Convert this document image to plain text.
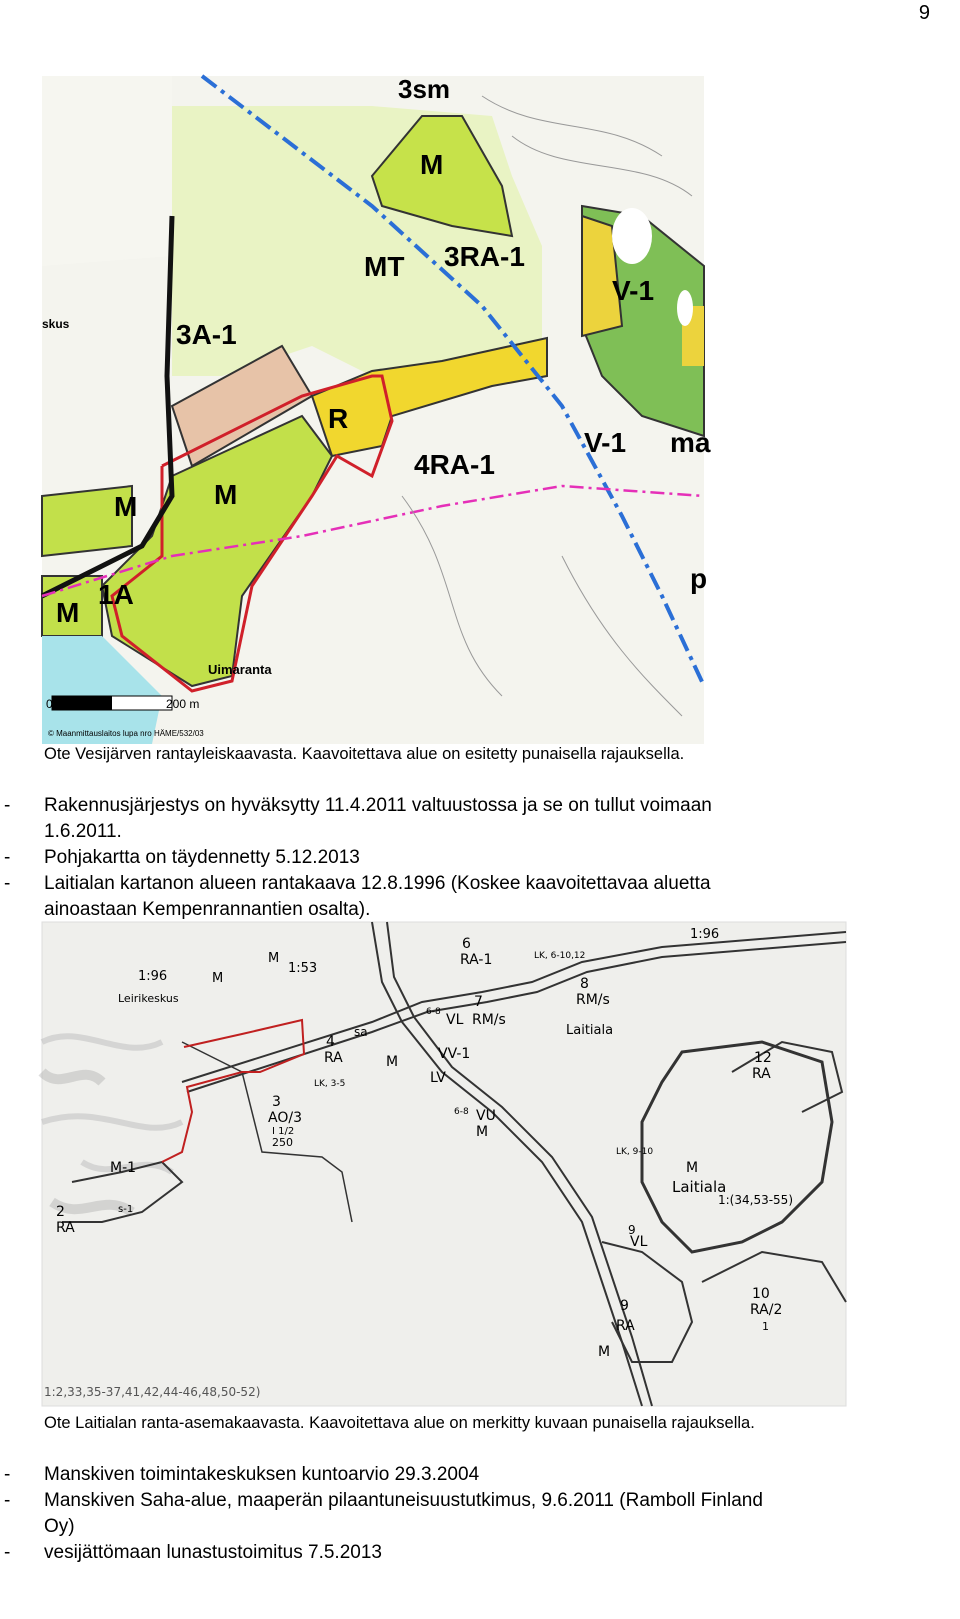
9
3sm
M
MT 3RA-1
V-1
3A-1
R
4RA-1
V-1 ma
M
M
M
1A
p
skus
Uimaranta
0	200 m
© Maanmittauslaitos lupa nro HÄME/532/03
Ote Vesijärven rantayleiskaavasta. Kaavoitettava alue on esitetty punaisella rajauksella.
-	Rakennusjärjestys on hyväksytty 11.4.2011 valtuustossa ja se on tullut voimaan
1.6.2011.
-	Pohjakartta on täydennetty 5.12.2013
-	Laitialan kartanon alueen rantakaava 12.8.1996 (Koskee kaavoitettavaa aluetta
ainoastaan Kempenrannantien osalta).
6
RA-1	LK, 6-10,12
8
RM/s
Laitiala
M
M
1:53
1:96
1:96
Leirikeskus	7
RM/s
VL
6-8
4
RA
sa
M	VV-1
LV
LK, 3-5
3
AO/3
I 1/2
250
VU
M
6-8
12
RA
LK, 9-10
M
Laitiala
1:(34,53-55)
M-1
s-1
2
RA	9
VL
9
RA
M
10
RA/2
1
1:2,33,35-37,41,42,44-46,48,50-52)
Ote Laitialan ranta-asemakaavasta. Kaavoitettava alue on merkitty kuvaan punaisella rajauksella.
-	Manskiven toimintakeskuksen kuntoarvio 29.3.2004
-	Manskiven Saha-alue, maaperän pilaantuneisuustutkimus, 9.6.2011 (Ramboll Finland
Oy)
-	vesijättömaan lunastustoimitus 7.5.2013
